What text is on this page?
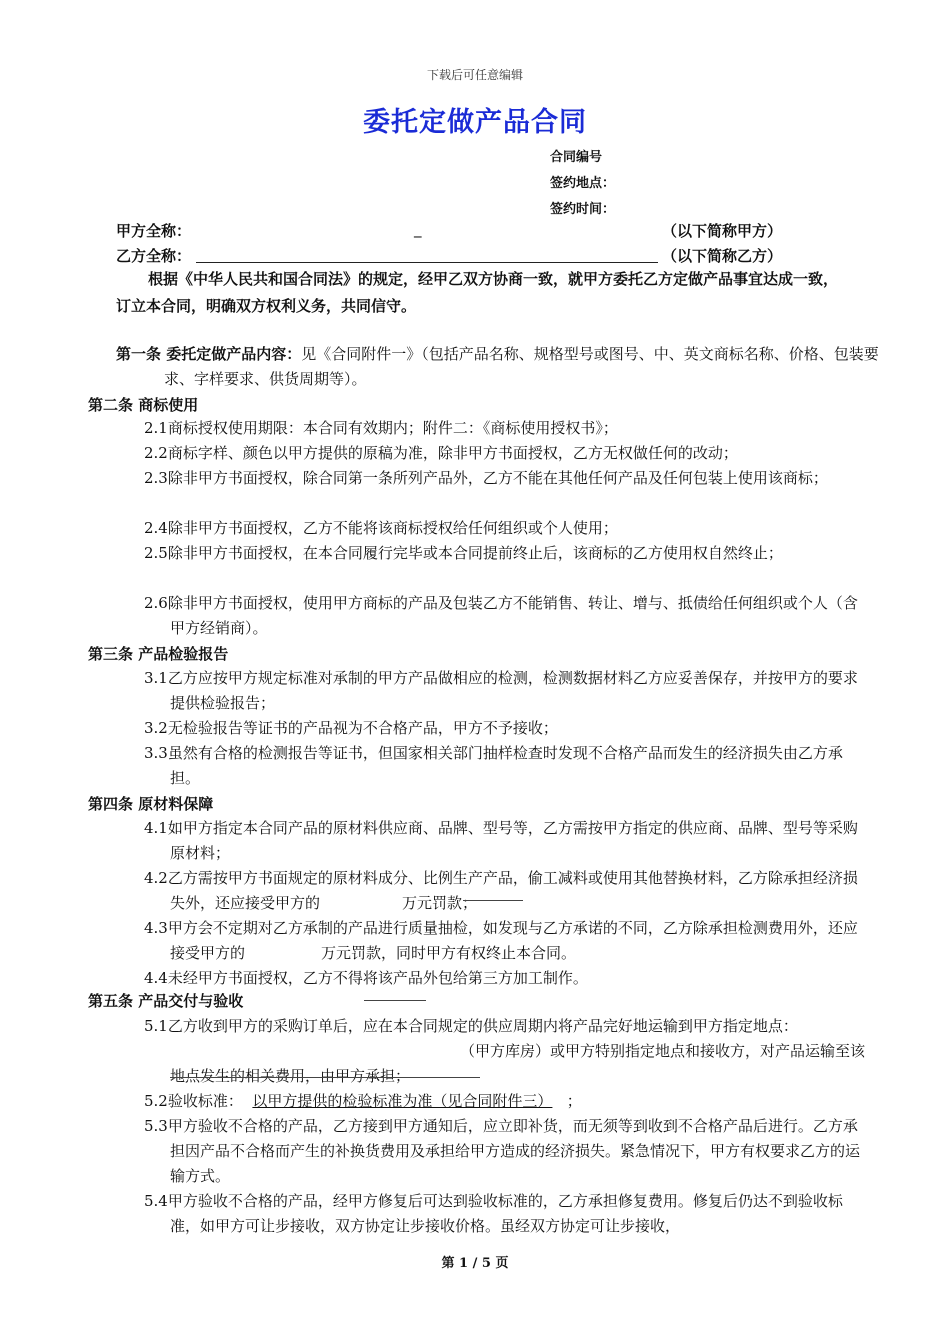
下载后可任意编辑
委托定做产品合同
合同编号
签约地点：
签约时间：
甲方全称：	_	（以下简称甲方）
乙方全称：	（以下简称乙方）
根据《中华人民共和国合同法》的规定，经甲乙双方协商一致，就甲方委托乙方定做产品事宜达成一致，订立本合同，明确双方权利义务，共同信守。
第一条 委托定做产品内容：见《合同附件一》（包括产品名称、规格型号或图号、中、英文商标名称、价格、包装要求、字样要求、供货周期等）。
第二条 商标使用
2.1商标授权使用期限：本合同有效期内；附件二：《商标使用授权书》；
2.2商标字样、颜色以甲方提供的原稿为准，除非甲方书面授权，乙方无权做任何的改动；
2.3除非甲方书面授权，除合同第一条所列产品外，乙方不能在其他任何产品及任何包装上使用该商标；
2.4除非甲方书面授权，乙方不能将该商标授权给任何组织或个人使用；
2.5除非甲方书面授权，在本合同履行完毕或本合同提前终止后，该商标的乙方使用权自然终止；
2.6除非甲方书面授权，使用甲方商标的产品及包装乙方不能销售、转让、增与、抵债给任何组织或个人（含甲方经销商）。
第三条 产品检验报告
3.1乙方应按甲方规定标准对承制的甲方产品做相应的检测，检测数据材料乙方应妥善保存，并按甲方的要求提供检验报告；
3.2无检验报告等证书的产品视为不合格产品，甲方不予接收；
3.3虽然有合格的检测报告等证书，但国家相关部门抽样检查时发现不合格产品而发生的经济损失由乙方承担。
第四条 原材料保障
4.1如甲方指定本合同产品的原材料供应商、品牌、型号等，乙方需按甲方指定的供应商、品牌、型号等采购原材料；
4.2乙方需按甲方书面规定的原材料成分、比例生产产品，偷工减料或使用其他替换材料，乙方除承担经济损失外，还应接受甲方的	万元罚款；
4.3甲方会不定期对乙方承制的产品进行质量抽检，如发现与乙方承诺的不同，乙方除承担检测费用外，还应接受甲方的	万元罚款，同时甲方有权终止本合同。
4.4未经甲方书面授权，乙方不得将该产品外包给第三方加工制作。
第五条 产品交付与验收
5.1乙方收到甲方的采购订单后，应在本合同规定的供应周期内将产品完好地运输到甲方指定地点：（甲方库房）或甲方特别指定地点和接收方，对产品运输至该地点发生的相关费用，由甲方承担；
5.2验收标准： 以甲方提供的检验标准为准（见合同附件三） ；
5.3甲方验收不合格的产品，乙方接到甲方通知后，应立即补货，而无须等到收到不合格产品后进行。乙方承担因产品不合格而产生的补换货费用及承担给甲方造成的经济损失。紧急情况下，甲方有权要求乙方的运输方式。
5.4甲方验收不合格的产品，经甲方修复后可达到验收标准的，乙方承担修复费用。修复后仍达不到验收标准，如甲方可让步接收，双方协定让步接收价格。虽经双方协定可让步接收，
第 1 / 5 页
